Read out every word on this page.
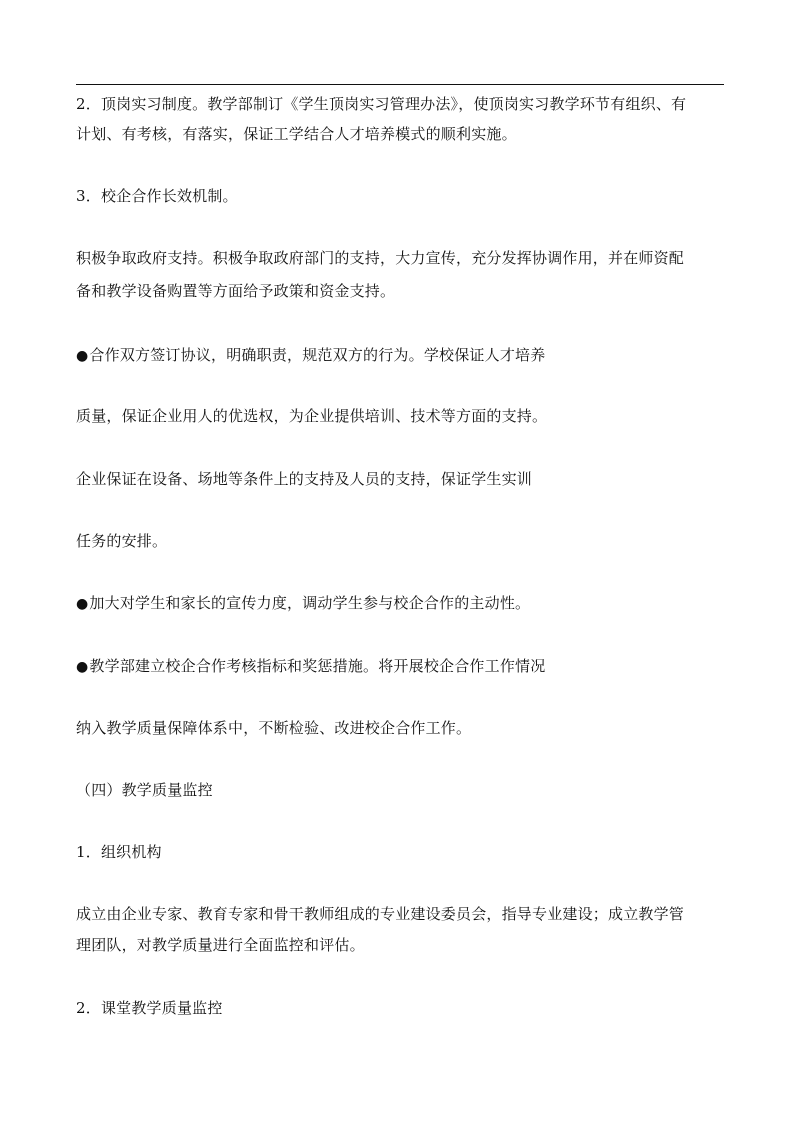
2．顶岗实习制度。教学部制订《学生顶岗实习管理办法》，使顶岗实习教学环节有组织、有
计划、有考核，有落实，保证工学结合人才培养模式的顺利实施。
3．校企合作长效机制。
积极争取政府支持。积极争取政府部门的支持，大力宣传，充分发挥协调作用，并在师资配
备和教学设备购置等方面给予政策和资金支持。
●合作双方签订协议，明确职责，规范双方的行为。学校保证人才培养
质量，保证企业用人的优选权，为企业提供培训、技术等方面的支持。
企业保证在设备、场地等条件上的支持及人员的支持，保证学生实训
任务的安排。
●加大对学生和家长的宣传力度，调动学生参与校企合作的主动性。
●教学部建立校企合作考核指标和奖惩措施。将开展校企合作工作情况
纳入教学质量保障体系中，不断检验、改进校企合作工作。
（四）教学质量监控
1．组织机构
成立由企业专家、教育专家和骨干教师组成的专业建设委员会，指导专业建设；成立教学管
理团队，对教学质量进行全面监控和评估。
2．课堂教学质量监控
